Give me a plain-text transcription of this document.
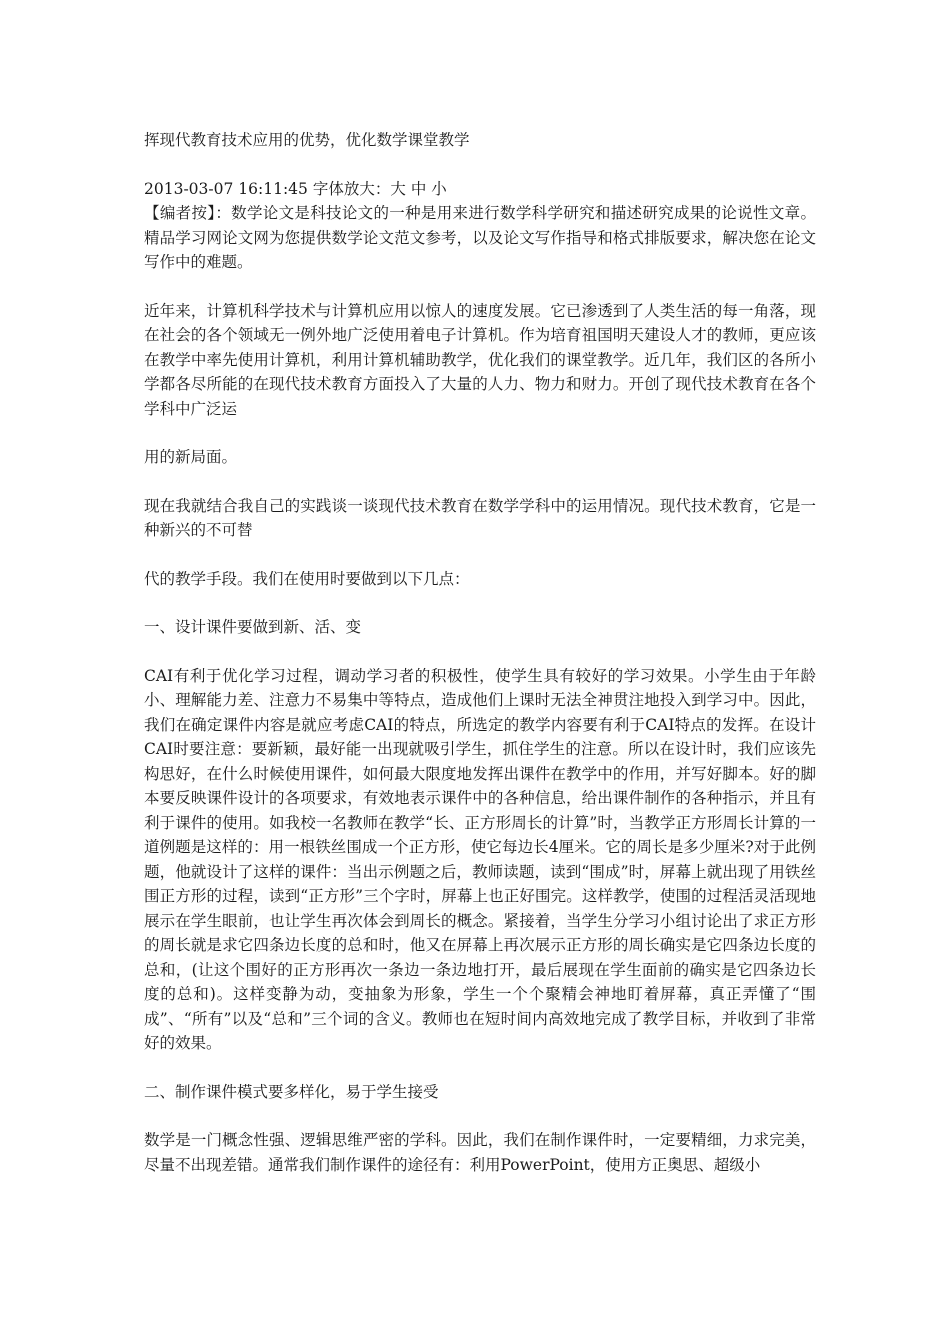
挥现代教育技术应用的优势，优化数学课堂教学

2013-03-07 16:11:45 字体放大：大 中 小

【编者按】：数学论文是科技论文的一种是用来进行数学科学研究和描述研究成果的论说性文章。精品学习网论文网为您提供数学论文范文参考，以及论文写作指导和格式排版要求，解决您在论文写作中的难题。

近年来，计算机科学技术与计算机应用以惊人的速度发展。它已渗透到了人类生活的每一角落，现在社会的各个领域无一例外地广泛使用着电子计算机。作为培育祖国明天建设人才的教师，更应该在教学中率先使用计算机，利用计算机辅助教学，优化我们的课堂教学。近几年，我们区的各所小学都各尽所能的在现代技术教育方面投入了大量的人力、物力和财力。开创了现代技术教育在各个学科中广泛运

用的新局面。

现在我就结合我自己的实践谈一谈现代技术教育在数学学科中的运用情况。现代技术教育，它是一种新兴的不可替

代的教学手段。我们在使用时要做到以下几点：

一、设计课件要做到新、活、变

CAI有利于优化学习过程，调动学习者的积极性，使学生具有较好的学习效果。小学生由于年龄小、理解能力差、注意力不易集中等特点，造成他们上课时无法全神贯注地投入到学习中。因此，我们在确定课件内容是就应考虑CAI的特点，所选定的教学内容要有利于CAI特点的发挥。在设计CAI时要注意：要新颖，最好能一出现就吸引学生，抓住学生的注意。所以在设计时，我们应该先构思好，在什么时候使用课件，如何最大限度地发挥出课件在教学中的作用，并写好脚本。好的脚本要反映课件设计的各项要求，有效地表示课件中的各种信息，给出课件制作的各种指示，并且有利于课件的使用。如我校一名教师在教学“长、正方形周长的计算”时，当教学正方形周长计算的一道例题是这样的：用一根铁丝围成一个正方形，使它每边长4厘米。它的周长是多少厘米?对于此例题，他就设计了这样的课件：当出示例题之后，教师读题，读到“围成”时，屏幕上就出现了用铁丝围正方形的过程，读到“正方形”三个字时，屏幕上也正好围完。这样教学，使围的过程活灵活现地展示在学生眼前，也让学生再次体会到周长的概念。紧接着，当学生分学习小组讨论出了求正方形的周长就是求它四条边长度的总和时，他又在屏幕上再次展示正方形的周长确实是它四条边长度的总和，(让这个围好的正方形再次一条边一条边地打开，最后展现在学生面前的确实是它四条边长度的总和)。这样变静为动，变抽象为形象，学生一个个聚精会神地盯着屏幕，真正弄懂了“围成”、“所有”以及“总和”三个词的含义。教师也在短时间内高效地完成了教学目标，并收到了非常好的效果。

二、制作课件模式要多样化，易于学生接受

数学是一门概念性强、逻辑思维严密的学科。因此，我们在制作课件时，一定要精细，力求完美，尽量不出现差错。通常我们制作课件的途径有：利用PowerPoint，使用方正奥思、超级小
